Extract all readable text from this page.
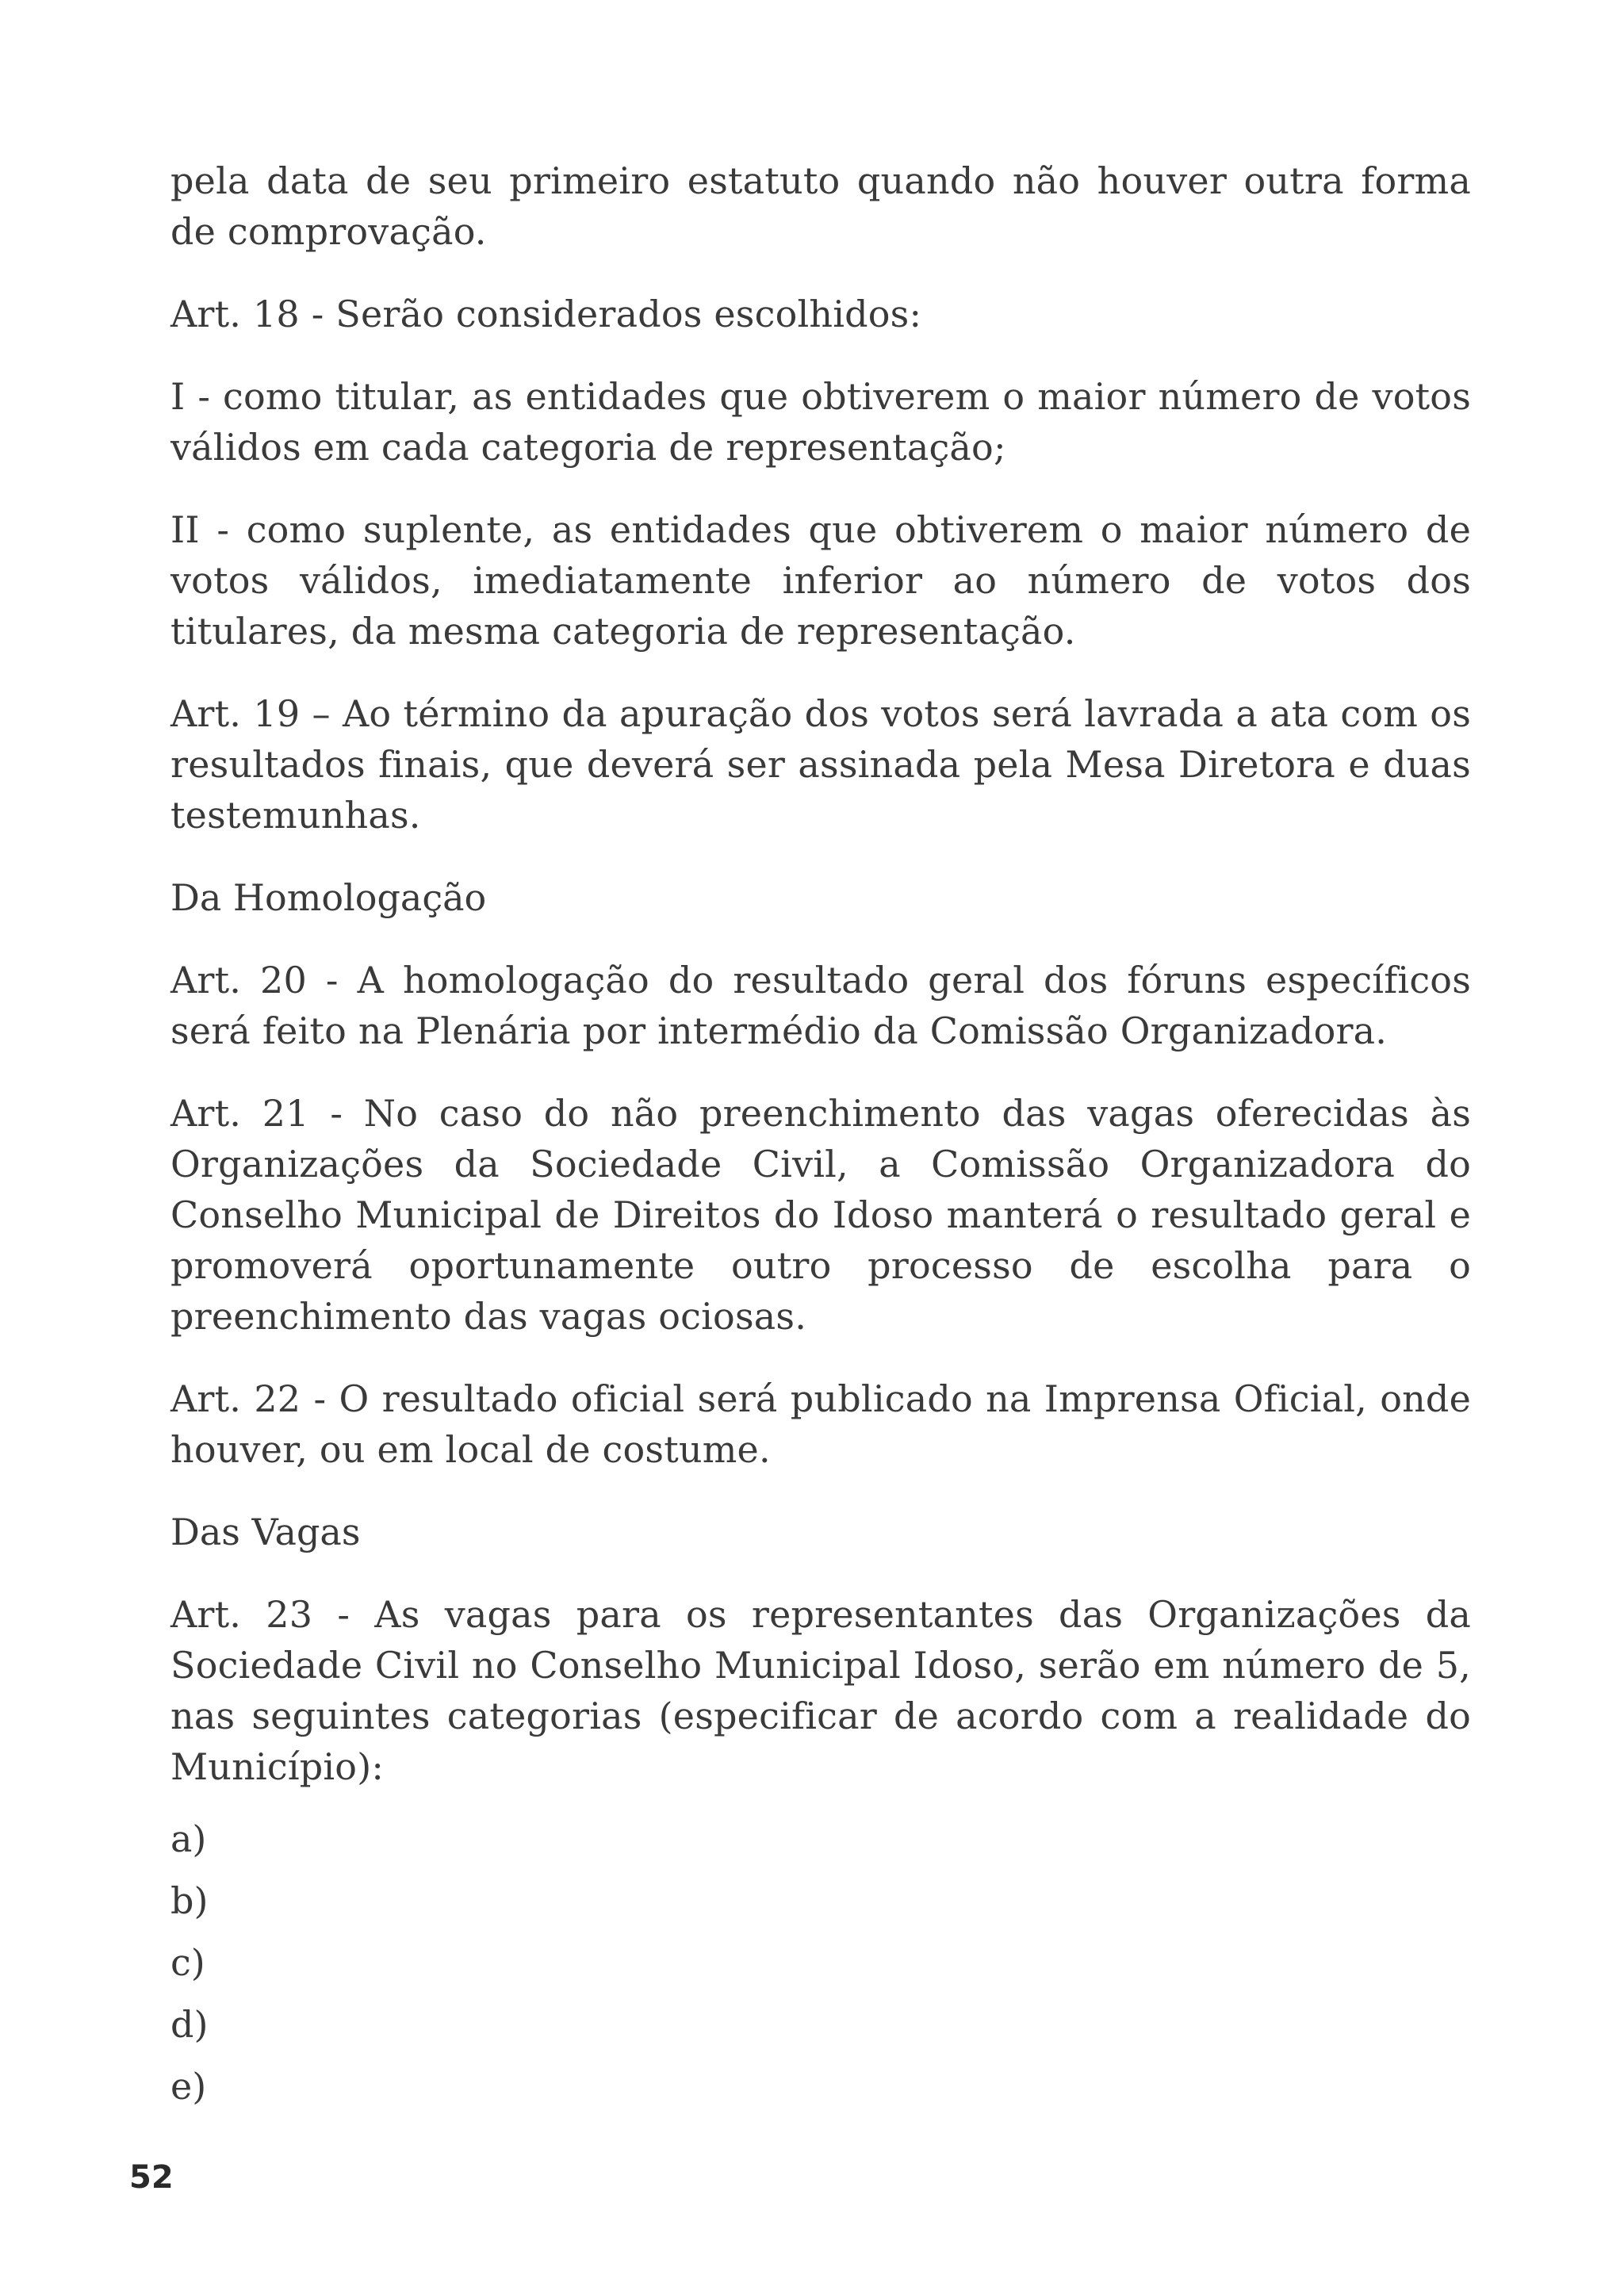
pela data de seu primeiro estatuto quando não houver outra forma de comprovação.

Art. 18 - Serão considerados escolhidos:

I - como titular, as entidades que obtiverem o maior número de votos válidos em cada categoria de representação;

II - como suplente, as entidades que obtiverem o maior número de votos válidos, imediatamente inferior ao número de votos dos titulares, da mesma categoria de representação.

Art. 19 – Ao término da apuração dos votos será lavrada a ata com os resultados finais, que deverá ser assinada pela Mesa Diretora e duas testemunhas.

Da Homologação

Art. 20 - A homologação do resultado geral dos fóruns específicos será feito na Plenária por intermédio da Comissão Organizadora.

Art. 21 - No caso do não preenchimento das vagas oferecidas às Organizações da Sociedade Civil, a Comissão Organizadora do Conselho Municipal de Direitos do Idoso manterá o resultado geral e promoverá oportunamente outro processo de escolha para o preenchimento das vagas ociosas.

Art. 22 - O resultado oficial será publicado na Imprensa Oficial, onde houver, ou em local de costume.

Das Vagas

Art. 23 - As vagas para os representantes das Organizações da Sociedade Civil no Conselho Municipal Idoso, serão em número de 5, nas seguintes categorias (especificar de acordo com a realidade do Município):

a)
b)
c)
d)
e)
52
